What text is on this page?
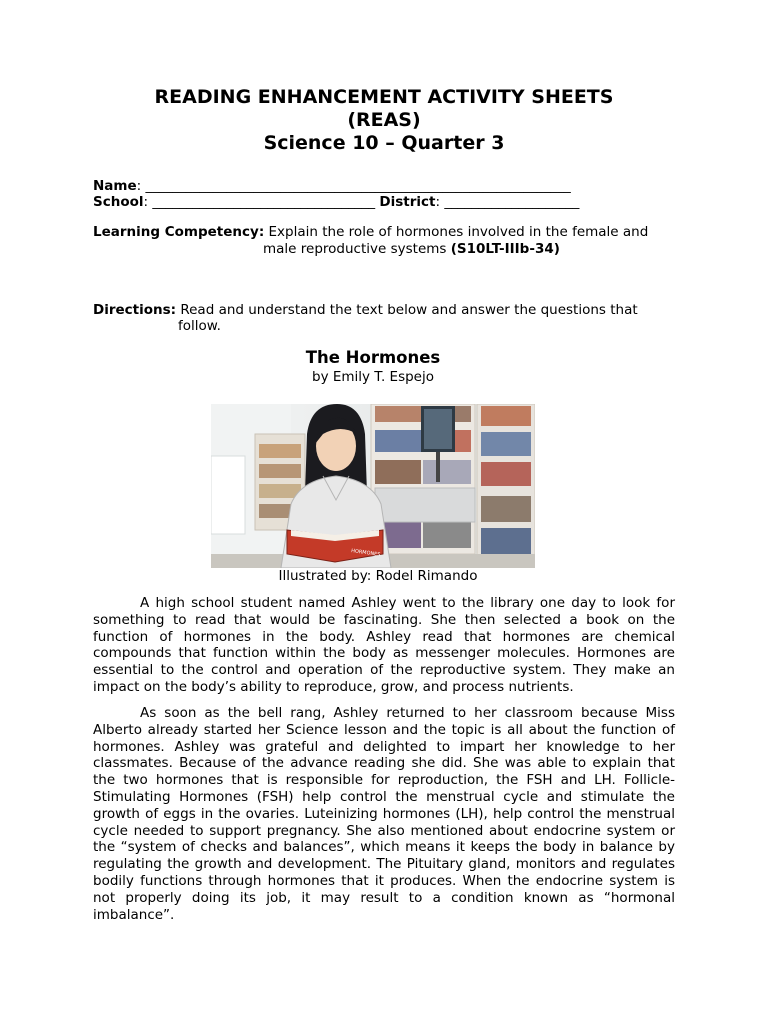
READING ENHANCEMENT ACTIVITY SHEETS
(REAS)
Science 10 – Quarter 3
Name: _______________________________________________________________
School: _________________________________ District: ____________________
Learning Competency: Explain the role of hormones involved in the female and
male reproductive systems (S10LT-IIIb-34)
Directions: Read and understand the text below and answer the questions that
follow.
The Hormones
by Emily T. Espejo
HORMONES
Illustrated by: Rodel Rimando

A high school student named Ashley went to the library one day to look for something to read that would be fascinating. She then selected a book on the function of hormones in the body. Ashley read that hormones are chemical compounds that function within the body as messenger molecules. Hormones are essential to the control and operation of the reproductive system. They make an impact on the body’s ability to reproduce, grow, and process nutrients.

As soon as the bell rang, Ashley returned to her classroom because Miss Alberto already started her Science lesson and the topic is all about the function of hormones. Ashley was grateful and delighted to impart her knowledge to her classmates. Because of the advance reading she did. She was able to explain that the two hormones that is responsible for reproduction, the FSH and LH. Follicle-Stimulating Hormones (FSH) help control the menstrual cycle and stimulate the growth of eggs in the ovaries. Luteinizing hormones (LH), help control the menstrual cycle needed to support pregnancy. She also mentioned about endocrine system or the “system of checks and balances”, which means it keeps the body in balance by regulating the growth and development. The Pituitary gland, monitors and regulates bodily functions through hormones that it produces. When the endocrine system is not properly doing its job, it may result to a condition known as “hormonal imbalance”.
